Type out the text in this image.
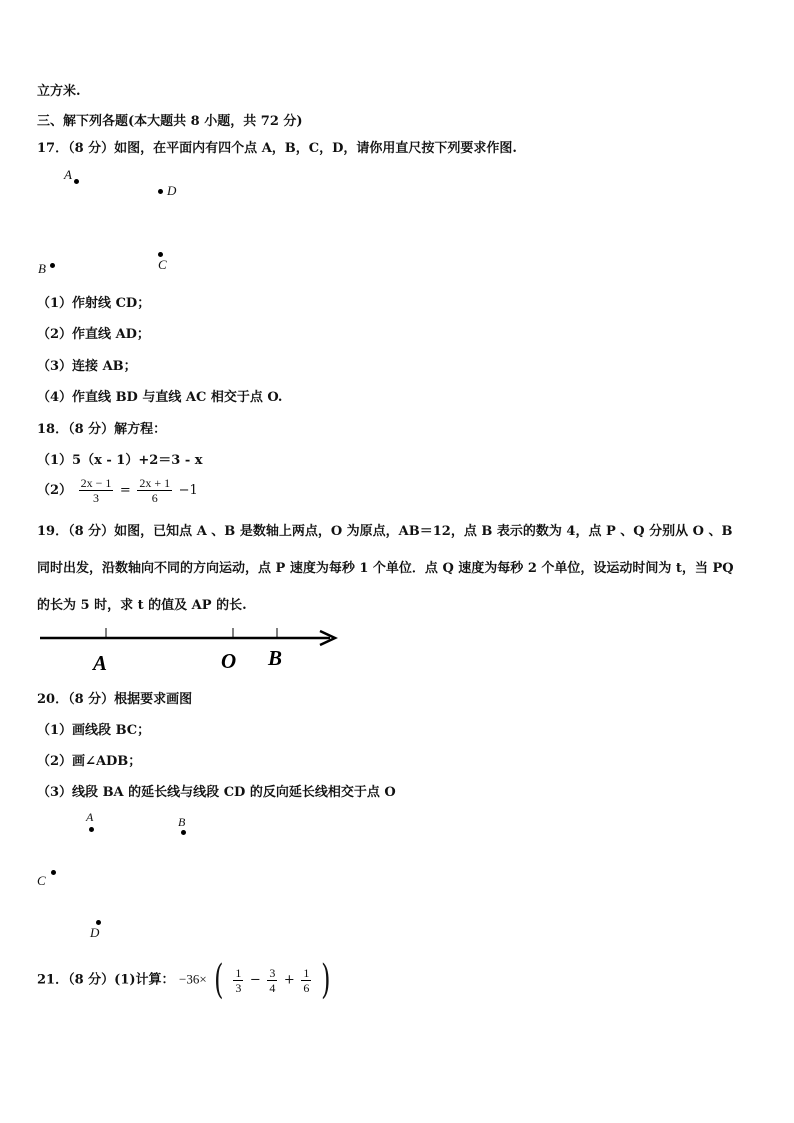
立方米.
三、解下列各题(本大题共 8 小题，共 72 分)
17．（8 分）如图，在平面内有四个点 A，B，C，D，请你用直尺按下列要求作图.
A
D
C
B
（1）作射线 CD；
（2）作直线 AD；
（3）连接 AB；
（4）作直线 BD 与直线 AC 相交于点 O.
18．（8 分）解方程：
（1）5（x - 1）+2＝3 - x
$(2) \frac{2x - 1}{3} = \frac{2x + 1}{6} -1$
19．（8 分）如图，已知点 A 、B 是数轴上两点，O 为原点，AB＝12，点 B 表示的数为 4，点 P 、Q 分别从 O 、B
同时出发，沿数轴向不同的方向运动，点 P 速度为每秒 1 个单位．点 Q 速度为每秒 2 个单位，设运动时间为 t，当 PQ
的长为 5 时，求 t 的值及 AP 的长.
A	O B
20．（8 分）根据要求画图
（1）画线段 BC；
（2）画∠ADB；
（3）线段 BA 的延长线与线段 CD 的反向延长线相交于点 O
A	B
C
D
21．（8 分）(1)计算： −36× ( $\frac{1}{3} - \frac{3}{4} + \frac{1}{6}$ )
